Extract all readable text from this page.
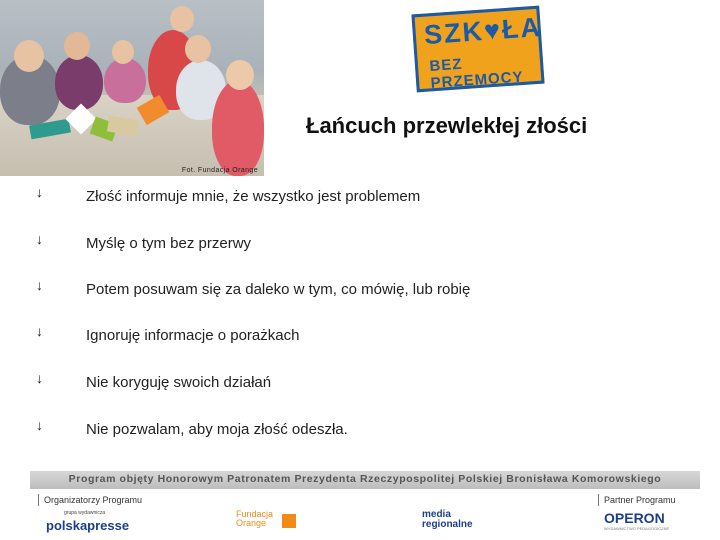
Fot. Fundacja Orange
SZK♥ŁA
BEZ PRZEMOCY
Łańcuch przewlekłej złości
↓	Złość informuje mnie, że wszystko jest problemem
↓	Myślę o tym bez przerwy
↓	Potem posuwam się za daleko w tym, co mówię, lub robię
↓	Ignoruję informacje o porażkach
↓	Nie koryguję swoich działań
↓	Nie pozwalam, aby moja złość odeszła.
Program objęty Honorowym Patronatem Prezydenta Rzeczypospolitej Polskiej Bronisława Komorowskiego
Organizatorzy Programu	Partner Programu
grupa wydawnicza
polskapresse
Fundacja
Orange
media
regionalne	OPERON
WYDAWNICTWO PEDAGOGICZNE
